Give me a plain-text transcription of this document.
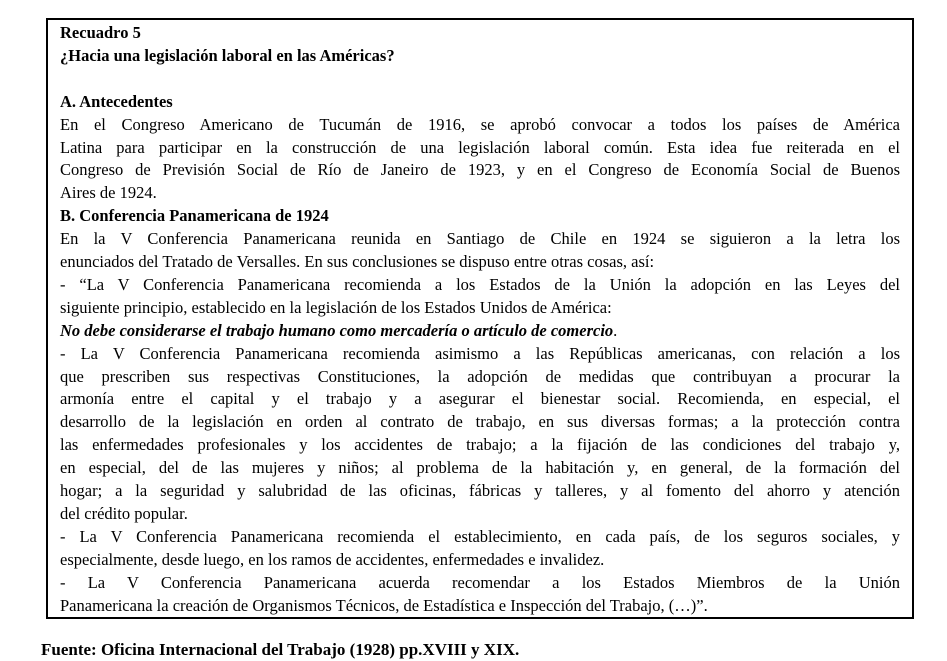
Recuadro 5

¿Hacia una legislación laboral en las Américas?

A. Antecedentes

En el Congreso Americano de Tucumán de 1916, se aprobó convocar a todos los países de América
Latina para participar en la construcción de una legislación laboral común. Esta idea fue reiterada en el
Congreso de Previsión Social de Río de Janeiro de 1923, y en el Congreso de Economía Social de Buenos
Aires de 1924.

B. Conferencia Panamericana de 1924

En la V Conferencia Panamericana reunida en Santiago de Chile en 1924 se siguieron a la letra los
enunciados del Tratado de Versalles. En sus conclusiones se dispuso entre otras cosas, así:
- “La V Conferencia Panamericana recomienda a los Estados de la Unión la adopción en las Leyes del
siguiente principio, establecido en la legislación de los Estados Unidos de América:

No debe considerarse el trabajo humano como mercadería o artículo de comercio.

- La V Conferencia Panamericana recomienda asimismo a las Repúblicas americanas, con relación a los
que prescriben sus respectivas Constituciones, la adopción de medidas que contribuyan a procurar la
armonía entre el capital y el trabajo y a asegurar el bienestar social. Recomienda, en especial, el
desarrollo de la legislación en orden al contrato de trabajo, en sus diversas formas; a la protección contra
las enfermedades profesionales y los accidentes de trabajo; a la fijación de las condiciones del trabajo y,
en especial, del de las mujeres y niños; al problema de la habitación y, en general, de la formación del
hogar; a la seguridad y salubridad de las oficinas, fábricas y talleres, y al fomento del ahorro y atención
del crédito popular.
- La V Conferencia Panamericana recomienda el establecimiento, en cada país, de los seguros sociales, y
especialmente, desde luego, en los ramos de accidentes, enfermedades e invalidez.
- La V Conferencia Panamericana acuerda recomendar a los Estados Miembros de la Unión
Panamericana la creación de Organismos Técnicos, de Estadística e Inspección del Trabajo, (…)”.

Fuente: Oficina Internacional del Trabajo (1928) pp.XVIII y XIX.
